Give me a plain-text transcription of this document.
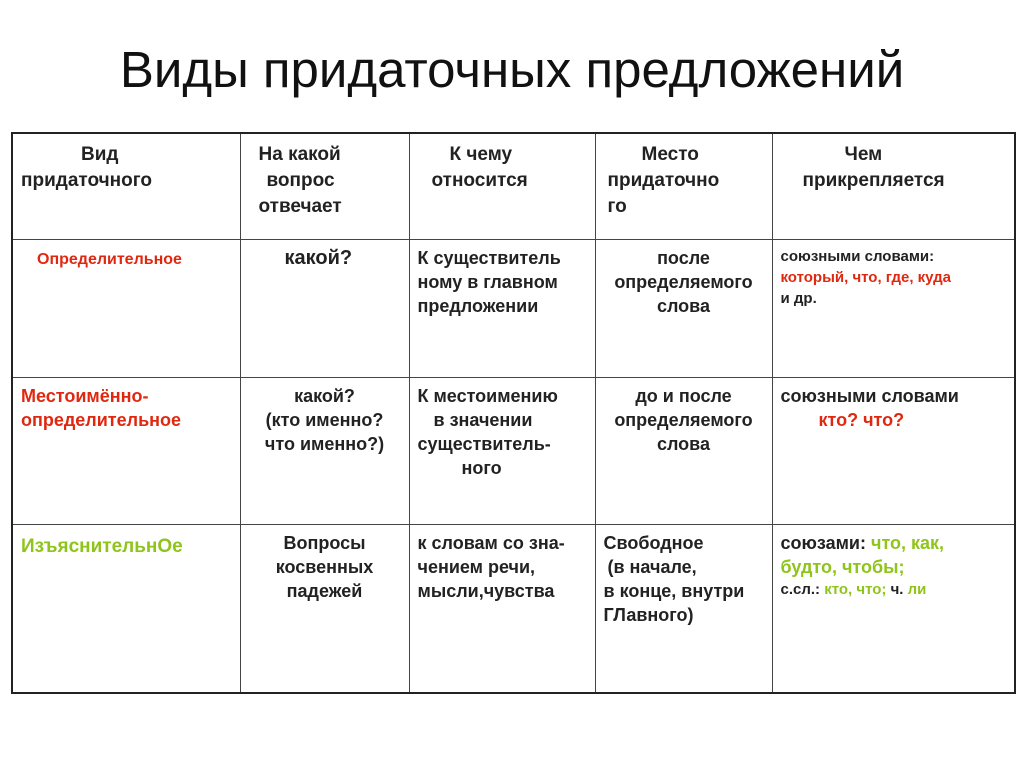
Виды придаточных предложений
Вид
придаточного	На какой
вопрос
отвечает	К чему
относится	Место
придаточно
го	Чем
прикрепляется

Определительное	какой?	К существитель
ному в главном
предложении	после
определяемого
слова	союзными словами:
который, что, где, куда
и др.

Местоимённо-
определительное	какой?
(кто именно?
что именно?)	К местоимению
в значении
существитель-
ного	до и после
определяемого
слова	союзными словами
кто? что?

ИзъяснительнОе	Вопросы
косвенных
падежей	к словам со зна-
чением речи,
мысли,чувства	Свободное
(в начале,
в конце, внутри
ГЛавного)	союзами: что, как,
будто, чтобы;
с.сл.: кто, что; ч. ли
